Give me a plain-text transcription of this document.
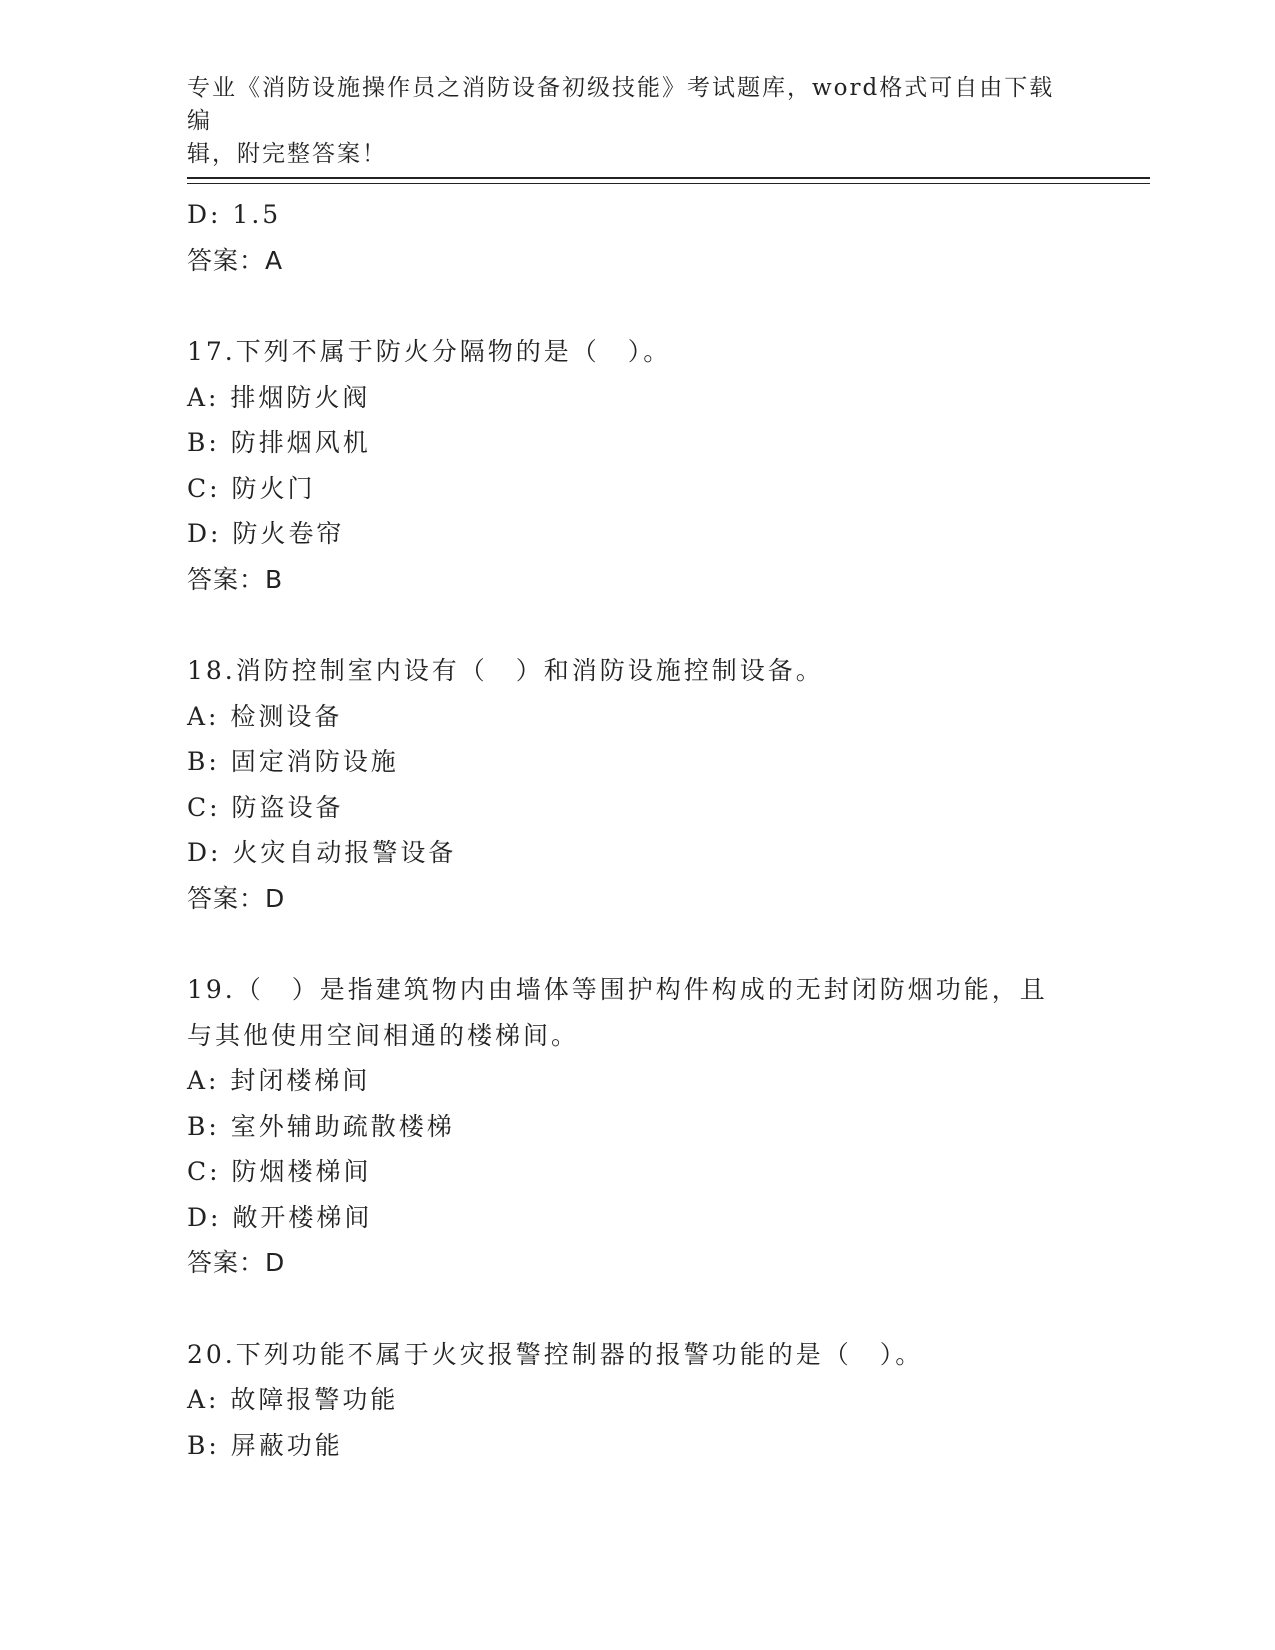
专业《消防设施操作员之消防设备初级技能》考试题库，word格式可自由下载编
辑，附完整答案！
D: 1.5
答案：A
17.下列不属于防火分隔物的是（　）。
A: 排烟防火阀
B: 防排烟风机
C: 防火门
D: 防火卷帘
答案：B
18.消防控制室内设有（　）和消防设施控制设备。
A: 检测设备
B: 固定消防设施
C: 防盗设备
D: 火灾自动报警设备
答案：D
19.（　）是指建筑物内由墙体等围护构件构成的无封闭防烟功能，且
与其他使用空间相通的楼梯间。
A: 封闭楼梯间
B: 室外辅助疏散楼梯
C: 防烟楼梯间
D: 敞开楼梯间
答案：D
20.下列功能不属于火灾报警控制器的报警功能的是（　）。
A: 故障报警功能
B: 屏蔽功能
